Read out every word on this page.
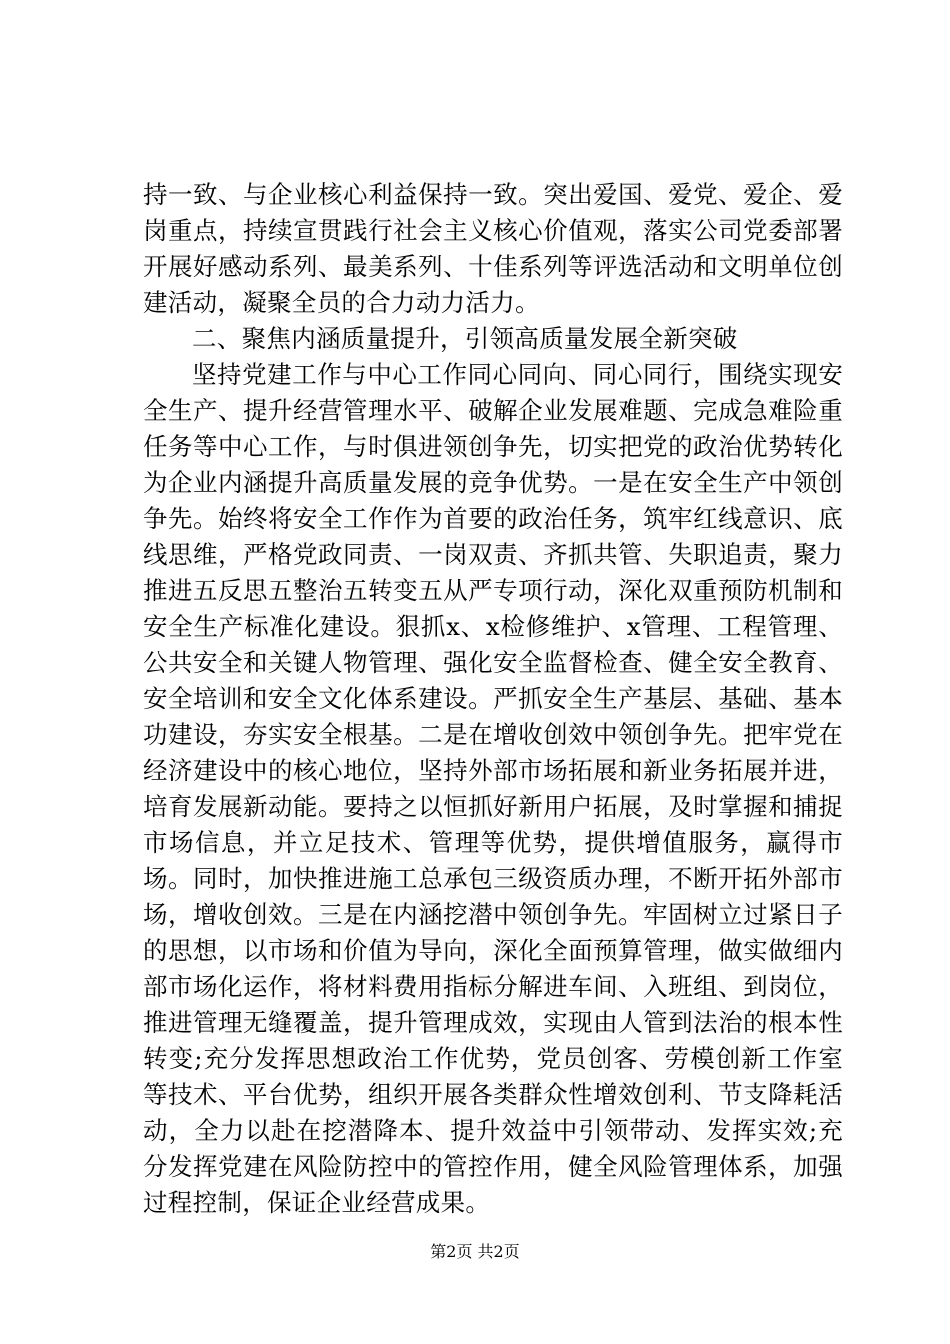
持一致、与企业核心利益保持一致。突出爱国、爱党、爱企、爱岗重点，持续宣贯践行社会主义核心价值观，落实公司党委部署开展好感动系列、最美系列、十佳系列等评选活动和文明单位创建活动，凝聚全员的合力动力活力。

二、聚焦内涵质量提升，引领高质量发展全新突破

坚持党建工作与中心工作同心同向、同心同行，围绕实现安全生产、提升经营管理水平、破解企业发展难题、完成急难险重任务等中心工作，与时俱进领创争先，切实把党的政治优势转化为企业内涵提升高质量发展的竞争优势。一是在安全生产中领创争先。始终将安全工作作为首要的政治任务，筑牢红线意识、底线思维，严格党政同责、一岗双责、齐抓共管、失职追责，聚力推进五反思五整治五转变五从严专项行动，深化双重预防机制和安全生产标准化建设。狠抓x、x检修维护、x管理、工程管理、公共安全和关键人物管理、强化安全监督检查、健全安全教育、安全培训和安全文化体系建设。严抓安全生产基层、基础、基本功建设，夯实安全根基。二是在增收创效中领创争先。把牢党在经济建设中的核心地位，坚持外部市场拓展和新业务拓展并进，培育发展新动能。要持之以恒抓好新用户拓展，及时掌握和捕捉市场信息，并立足技术、管理等优势，提供增值服务，赢得市场。同时，加快推进施工总承包三级资质办理，不断开拓外部市场，增收创效。三是在内涵挖潜中领创争先。牢固树立过紧日子的思想，以市场和价值为导向，深化全面预算管理，做实做细内部市场化运作，将材料费用指标分解进车间、入班组、到岗位，推进管理无缝覆盖，提升管理成效，实现由人管到法治的根本性转变;充分发挥思想政治工作优势，党员创客、劳模创新工作室等技术、平台优势，组织开展各类群众性增效创利、节支降耗活动，全力以赴在挖潜降本、提升效益中引领带动、发挥实效;充分发挥党建在风险防控中的管控作用，健全风险管理体系，加强过程控制，保证企业经营成果。

第2页 共2页
